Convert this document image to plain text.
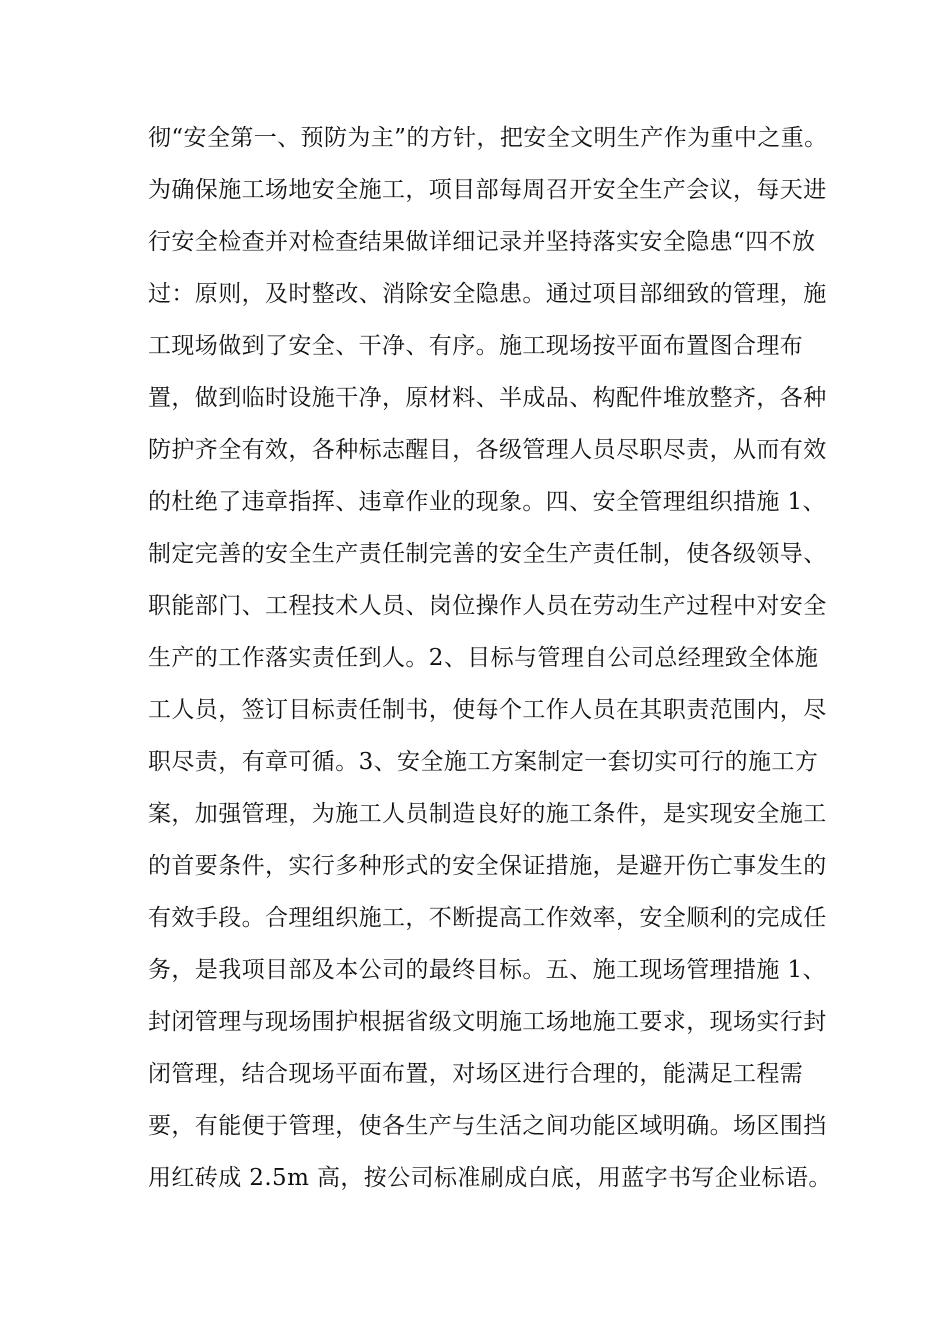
彻“安全第一、预防为主”的方针，把安全文明生产作为重中之重。
为确保施工场地安全施工，项目部每周召开安全生产会议，每天进
行安全检查并对检查结果做详细记录并坚持落实安全隐患“四不放
过：原则，及时整改、消除安全隐患。通过项目部细致的管理，施
工现场做到了安全、干净、有序。施工现场按平面布置图合理布
置，做到临时设施干净，原材料、半成品、构配件堆放整齐，各种
防护齐全有效，各种标志醒目，各级管理人员尽职尽责，从而有效
的杜绝了违章指挥、违章作业的现象。四、安全管理组织措施 1、
制定完善的安全生产责任制完善的安全生产责任制，使各级领导、
职能部门、工程技术人员、岗位操作人员在劳动生产过程中对安全
生产的工作落实责任到人。2、目标与管理自公司总经理致全体施
工人员，签订目标责任制书，使每个工作人员在其职责范围内，尽
职尽责，有章可循。3、安全施工方案制定一套切实可行的施工方
案，加强管理，为施工人员制造良好的施工条件，是实现安全施工
的首要条件，实行多种形式的安全保证措施，是避开伤亡事发生的
有效手段。合理组织施工，不断提高工作效率，安全顺利的完成任
务，是我项目部及本公司的最终目标。五、施工现场管理措施 1、
封闭管理与现场围护根据省级文明施工场地施工要求，现场实行封
闭管理，结合现场平面布置，对场区进行合理的，能满足工程需
要，有能便于管理，使各生产与生活之间功能区域明确。场区围挡
用红砖成 2.5m 高，按公司标准刷成白底，用蓝字书写企业标语。
